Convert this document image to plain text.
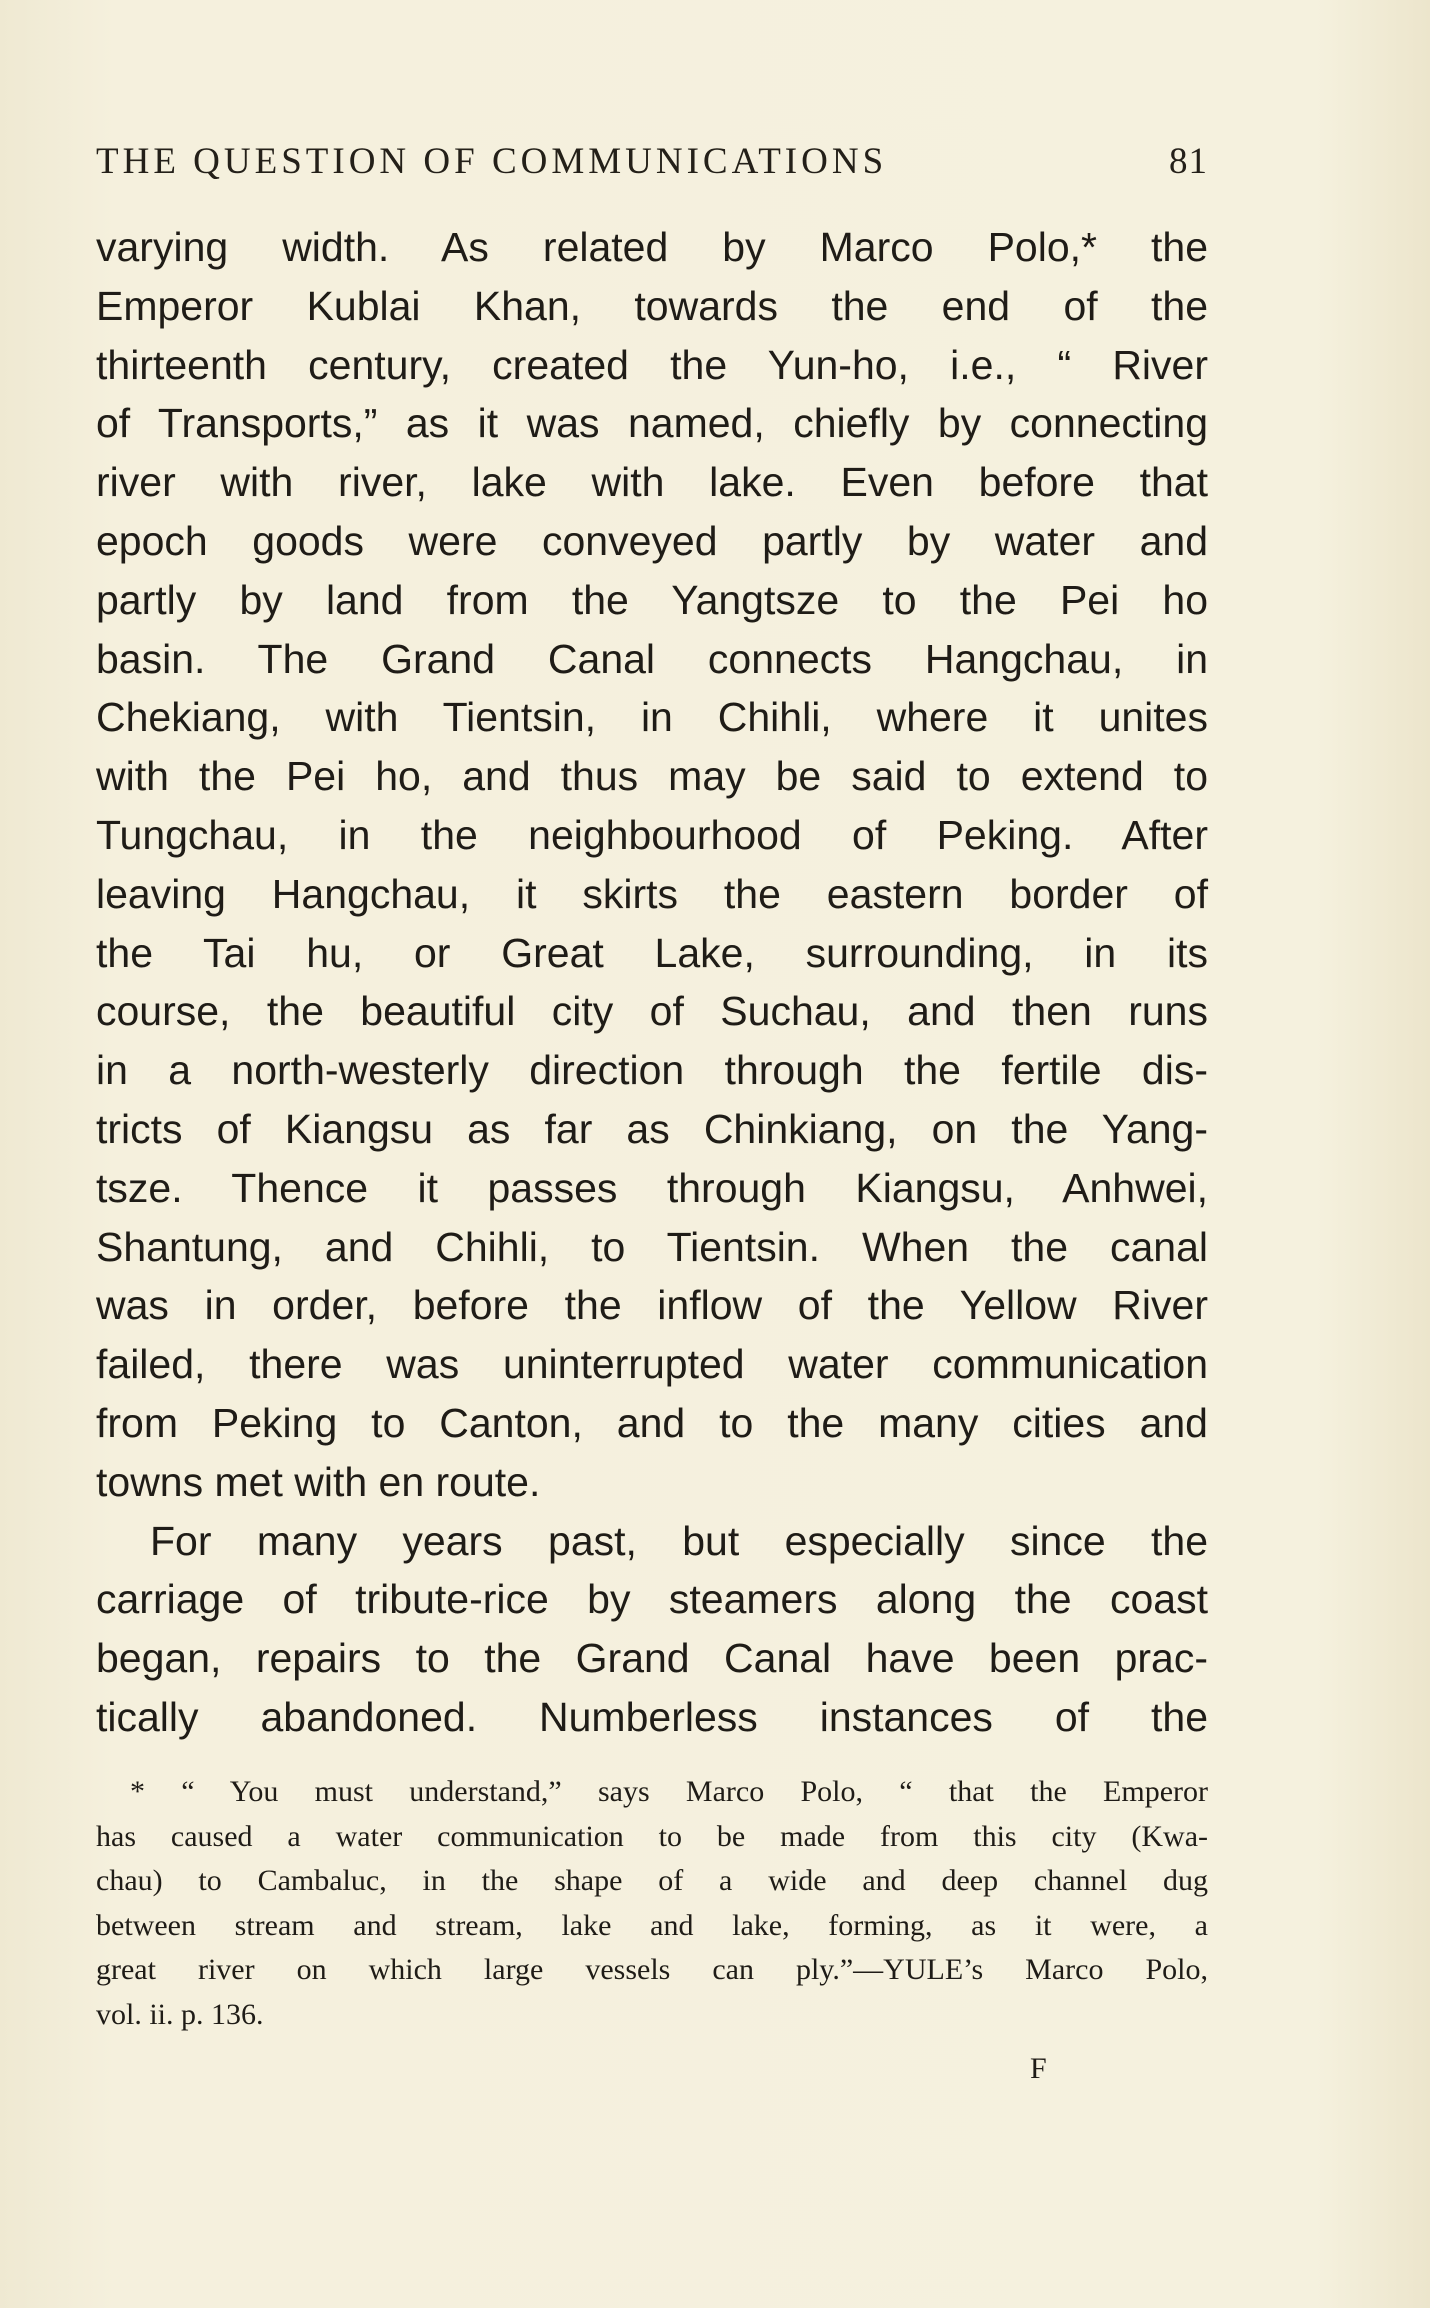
THE QUESTION OF COMMUNICATIONS	81
varying width. As related by Marco Polo,* the
Emperor Kublai Khan, towards the end of the
thirteenth century, created the Yun-ho, i.e., “ River
of Transports,” as it was named, chiefly by connecting
river with river, lake with lake. Even before that
epoch goods were conveyed partly by water and
partly by land from the Yangtsze to the Pei ho
basin. The Grand Canal connects Hangchau, in
Chekiang, with Tientsin, in Chihli, where it unites
with the Pei ho, and thus may be said to extend to
Tungchau, in the neighbourhood of Peking. After
leaving Hangchau, it skirts the eastern border of
the Tai hu, or Great Lake, surrounding, in its
course, the beautiful city of Suchau, and then runs
in a north-westerly direction through the fertile dis-
tricts of Kiangsu as far as Chinkiang, on the Yang-
tsze. Thence it passes through Kiangsu, Anhwei,
Shantung, and Chihli, to Tientsin. When the canal
was in order, before the inflow of the Yellow River
failed, there was uninterrupted water communication
from Peking to Canton, and to the many cities and
towns met with en route.
For many years past, but especially since the
carriage of tribute-rice by steamers along the coast
began, repairs to the Grand Canal have been prac-
tically abandoned. Numberless instances of the
* “ You must understand,” says Marco Polo, “ that the Emperor
has caused a water communication to be made from this city (Kwa-
chau) to Cambaluc, in the shape of a wide and deep channel dug
between stream and stream, lake and lake, forming, as it were, a
great river on which large vessels can ply.”—YULE’s Marco Polo,
vol. ii. p. 136.
F
